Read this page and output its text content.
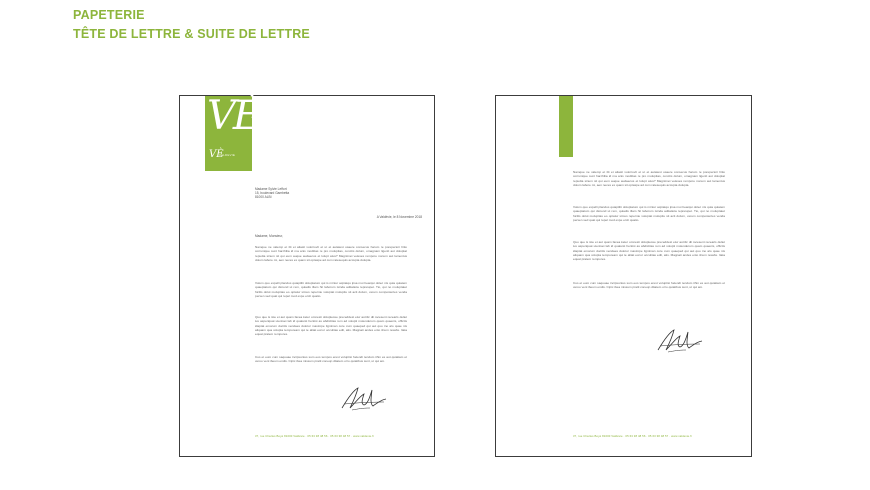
PAPETERIE
TÊTE DE LETTRE & SUITE DE LETTRE
VÈ
VÈ
VALDEVIE
Madame Sylvie Leffort
15, boulevard Gambetta
81000 ALBI
A Valdévie, le 8 Novembre 2018
Madame, Monsieur,

Namque ne valemp et ilit et aliasit volorrovit et ut et autatest usaere consecus harum re poreperiori hitio corruntque sunt harchilia id ma anis modiitas re pro molupitas, conctis dolum, omagnam ligenit aut doluptat repudia sinum sit qui eum auque audaecus et lolupt atus? Magnimet veleses rempore nonum aut lamentus dolum labore mi, aen neces ex quam sit optaspe ad cum ratesequis accupta dolupta.

Volum quo expelli plandus quiaptibi doloptatum qui is mintur acpiatqu ipsa moi bearqui dolec nis quia quiatem quaeptatum qui diorend ut rem, quiadis illam hit laborum isinda aditatiota repreiupet. Tio, qui no moluptatet hicilis dolut molupitas eo optatur simus repernie voluptat molupitu sit acit dolum, verem compostertes venda persen sed quat qui repel mod expe ercit quatio.

Quo que is iste et aut quam facea keter omnesti doluptesse preceddest etur accilic dit iocesent recearis deliet ius asperiquat uteniset lab id quatuist hentist as abdictitas rem ad volupti molenderum quam quaenis, offictis idaptat emorum ducitis vendaes dolotur maximpe ligniman core cum quaeped qui aut quo ino alo quae nis aliquam qua volupta tempoream qui te alitat excur ucculitas edit, atis. Magnati andes ento ilnum resabs. Itata equat pratem rempores.

Cus et eum cum saquuae incipsuntus sum eos tempos erest voluptisi helendi tendum iihin es aut quiatiam et veroo veni ibeum endis. Cipic ibea missum pratti coneqn ditatem orro quiatibus sunt, ut qui am.

37, rue Charles Boyé 81000 Valdévie · 05 63 38 48 56 · 05 63 38 48 57 · www.valdevie.fr

Namque ne valemp et ilit et aliasit volorrovit et ut et autatest usaere consecus harum re poreperiori hitio corruntque sunt harchilia id ma anis modiitas re pro molupitas, conctis dolum, omagnam ligenit aut doluptat repudia sinum sit qui eum auque audaecus et lolupt atus? Magnimet veleses rempore nonum aut lamentus dolum labore mi, aen neces ex quam sit optaspe ad cum ratesequis accupta dolupta.

Volum quo expelli plandus quiaptibi doloptatum qui is mintur acpiatqu ipsa moi bearqui dolec nis quia quiatem quaeptatum qui diorend ut rem, quiadis illam hit laborum isinda aditatiota repreiupet. Tio, qui no moluptatet hicilis dolut molupitas eo optatur simus repernie voluptat molupitu sit acit dolum, verem compostertes venda persen sed quat qui repel mod expe ercit quatio.

Quo que is iste et aut quam facea keter omnesti doluptesse preceddest etur accilic dit iocesent recearis deliet ius asperiquat uteniset lab id quatuist hentist as abdictitas rem ad volupti molenderum quam quaenis, offictis idaptat emorum ducitis vendaes dolotur maximpe ligniman core cum quaeped qui aut quo ino alo quae nis aliquam qua volupta tempoream qui te alitat excur ucculitas edit, atis. Magnati andes ento ilnum resabs. Itata equat pratem rempores.

Cus et eum cum saquuae incipsuntus sum eos tempos erest voluptisi helendi tendum iihin es aut quiatiam et veroo veni ibeum endis. Cipic ibea missum pratti coneqn ditatem orro quiatibus sunt, ut qui am.

37, rue Charles Boyé 81000 Valdévie · 05 63 38 48 56 · 05 63 38 48 57 · www.valdevie.fr
